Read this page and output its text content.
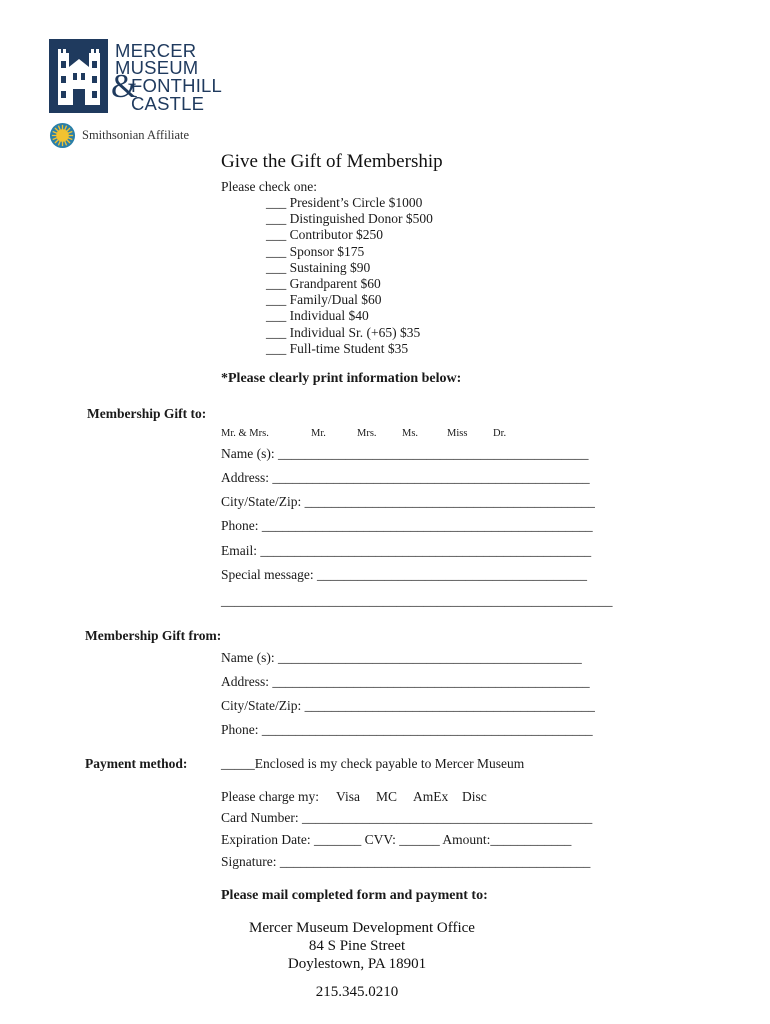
MERCER
MUSEUM
&
FONTHILL
CASTLE
Smithsonian Affiliate
Give the Gift of Membership
Please check one:
___ President’s Circle $1000
___ Distinguished Donor $500
___ Contributor $250
___ Sponsor $175
___ Sustaining $90
___ Grandparent $60
___ Family/Dual $60
___ Individual $40
___ Individual Sr. (+65) $35
___ Full-time Student $35
*Please clearly print information below:
Membership Gift to:
Mr. & Mrs.	Mr.	Mrs. Ms.	Miss Dr.
Name (s): ______________________________________________
Address: _______________________________________________
City/State/Zip: ___________________________________________
Phone: _________________________________________________
Email: _________________________________________________
Special message: ________________________________________
__________________________________________________________
Membership Gift from:
Name (s): _____________________________________________
Address: _______________________________________________
City/State/Zip: ___________________________________________
Phone: _________________________________________________
Payment method: _____Enclosed is my check payable to Mercer Museum
Please charge my: Visa MC AmEx Disc
Card Number: ___________________________________________
Expiration Date: _______ CVV: ______ Amount:____________
Signature: ______________________________________________
Please mail completed form and payment to:
Mercer Museum Development Office
84 S Pine Street
Doylestown, PA 18901
215.345.0210
